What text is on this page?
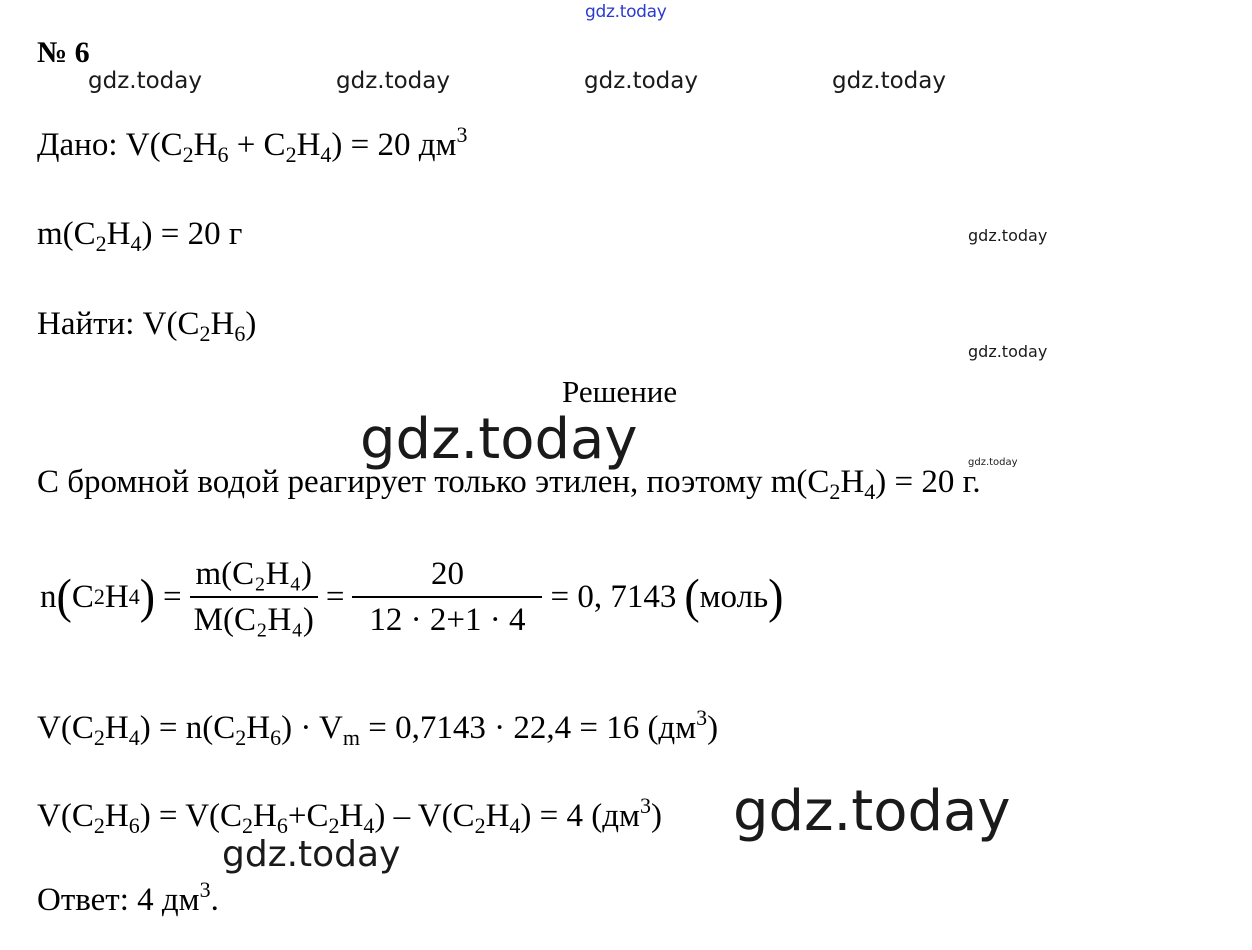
gdz.today
gdz.today	gdz.today	gdz.today	gdz.today
gdz.today
gdz.today
gdz.today
gdz.today
gdz.today
gdz.today
№ 6
Дано: $V(C_2H_6 + C_2H_4) = 20$ $дм^3$
$m(C_2H_4) = 20$ г
Найти: $V(C_2H_6)$
Решение
С бромной водой реагирует только этилен, поэтому $m(C_2H_4) = 20$ г.
n ( C 2 H 4 ) = $\frac{\text{m(C₂H₄)}}{\text{M(C₂H₄)}} = \frac{20}{12 \cdot 2+1 \cdot 4} = 0$, 7143 ( моль )
$V(C_2H_4) = n(C_2H_6) \cdot V_m = 0,7143 \cdot 22,4 = 16$ $(дм^3)$
$V(C_2H_6) = V(C_2H_6+C_2H_4) - V(C_2H_4) = 4$ $(дм^3)$
Ответ: 4 $дм^3$.
